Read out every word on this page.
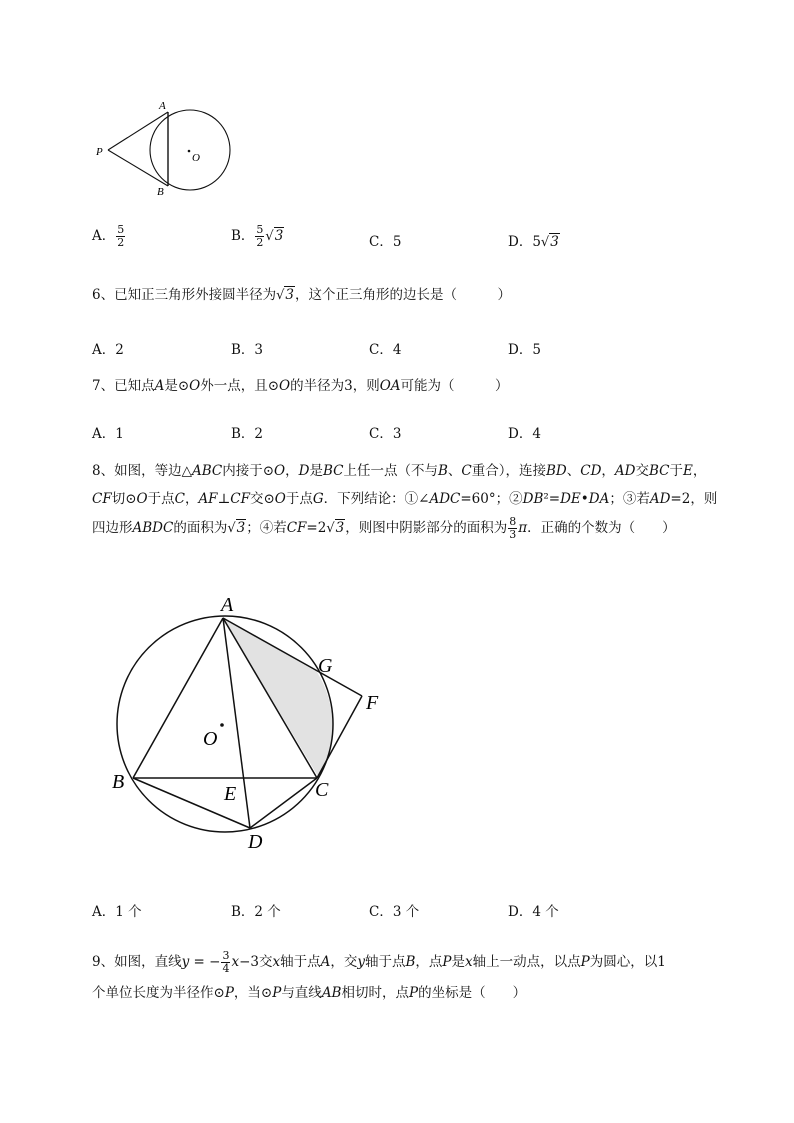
A
B
P	O
A． $\frac{5}{2}$	B． $\frac{5}{2} √3$	C．5	D．5√3
6、已知正三角形外接圆半径为√3，这个正三角形的边长是（　　　）
A．2	B．3	C．4	D．5
7、已知点A是⊙O外一点，且⊙O的半径为3，则OA可能为（　　　）
A．1	B．2	C．3	D．4
8、如图，等边△ABC内接于⊙O，D是BC上任一点（不与B、C重合），连接BD、CD，AD交BC于E，
CF切⊙O于点C，AF⊥CF交⊙O于点G．下列结论：①∠ADC=60°；②DB²=DE•DA；③若AD=2，则
四边形ABDC的面积为√3；④若CF=2√3，则图中阴影部分的面积为 $\frac{8}{3}$ π．正确的个数为（　　）
A
B	C
D
E
F
G
O
A．1 个	B．2 个	C．3 个	D．4 个
9、如图，直线y = − $\frac{3}{4} x-3$交x轴于点A，交y轴于点B，点P是x轴上一动点，以点P为圆心，以1
个单位长度为半径作⊙P，当⊙P与直线AB相切时，点P的坐标是（　　）
